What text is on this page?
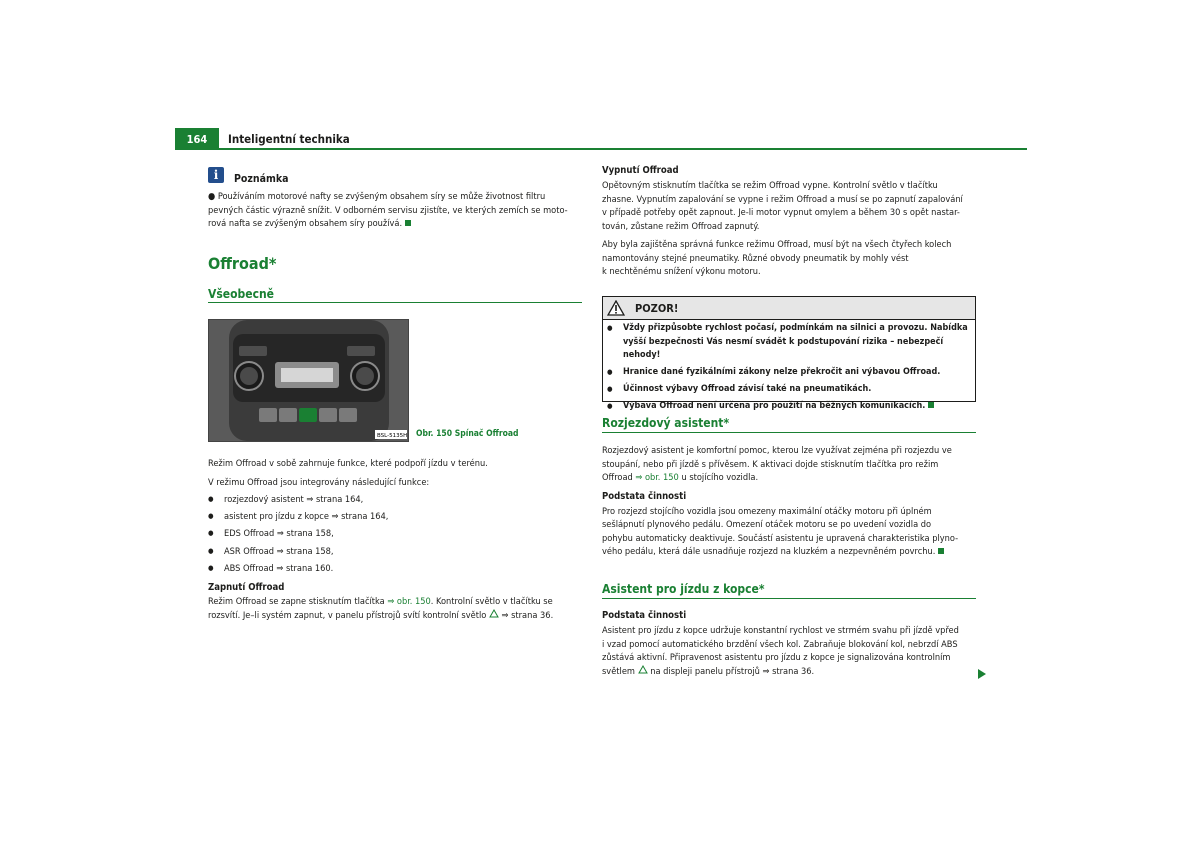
164	Inteligentní technika
i	Poznámka

● Používáním motorové nafty se zvýšeným obsahem síry se může životnost filtru

pevných částic výrazně snížit. V odborném servisu zjistíte, ve kterých zemích se moto-

rová nafta se zvýšeným obsahem síry používá.

Offroad*
Všeobecně
BSL-5135H Obr. 150 Spínač Offroad

Režim Offroad v sobě zahrnuje funkce, které podpoří jízdu v terénu.

V režimu Offroad jsou integrovány následující funkce:

● rozjezdový asistent ⇒ strana 164,
● asistent pro jízdu z kopce ⇒ strana 164,
● EDS Offroad ⇒ strana 158,
● ASR Offroad ⇒ strana 158,
● ABS Offroad ⇒ strana 160.

Zapnutí Offroad

Režim Offroad se zapne stisknutím tlačítka ⇒ obr. 150. Kontrolní světlo v tlačítku se
rozsvítí. Je–li systém zapnut, v panelu přístrojů svítí kontrolní světlo  ⇒ strana 36.

Vypnutí Offroad

Opětovným stisknutím tlačítka se režim Offroad vypne. Kontrolní světlo v tlačítku

zhasne. Vypnutím zapalování se vypne i režim Offroad a musí se po zapnutí zapalování

v případě potřeby opět zapnout. Je-li motor vypnut omylem a během 30 s opět nastar-

tován, zůstane režim Offroad zapnutý.

Aby byla zajištěna správná funkce režimu Offroad, musí být na všech čtyřech kolech

namontovány stejné pneumatiky. Různé obvody pneumatik by mohly vést

k nechtěnému snížení výkonu motoru.

POZOR!
● Vždy přizpůsobte rychlost počasí, podmínkám na silnici a provozu. Nabídka vyšší bezpečnosti Vás nesmí svádět k podstupování rizika – nebezpečí nehody!
● Hranice dané fyzikálními zákony nelze překročit ani výbavou Offroad.
● Účinnost výbavy Offroad závisí také na pneumatikách.
● Výbava Offroad není určena pro použití na běžných komunikacích.
Rozjezdový asistent*

Rozjezdový asistent je komfortní pomoc, kterou lze využívat zejména při rozjezdu ve

stoupání, nebo při jízdě s přívěsem. K aktivaci dojde stisknutím tlačítka pro režim

Offroad ⇒ obr. 150 u stojícího vozidla.

Podstata činnosti

Pro rozjezd stojícího vozidla jsou omezeny maximální otáčky motoru při úplném

sešlápnutí plynového pedálu. Omezení otáček motoru se po uvedení vozidla do

pohybu automaticky deaktivuje. Součástí asistentu je upravená charakteristika plyno-

vého pedálu, která dále usnadňuje rozjezd na kluzkém a nezpevněném povrchu.

Asistent pro jízdu z kopce*

Podstata činnosti

Asistent pro jízdu z kopce udržuje konstantní rychlost ve strmém svahu při jízdě vpřed

i vzad pomocí automatického brzdění všech kol. Zabraňuje blokování kol, nebrzdí ABS

zůstává aktivní. Připravenost asistentu pro jízdu z kopce je signalizována kontrolním

světlem  na displeji panelu přístrojů ⇒ strana 36.
